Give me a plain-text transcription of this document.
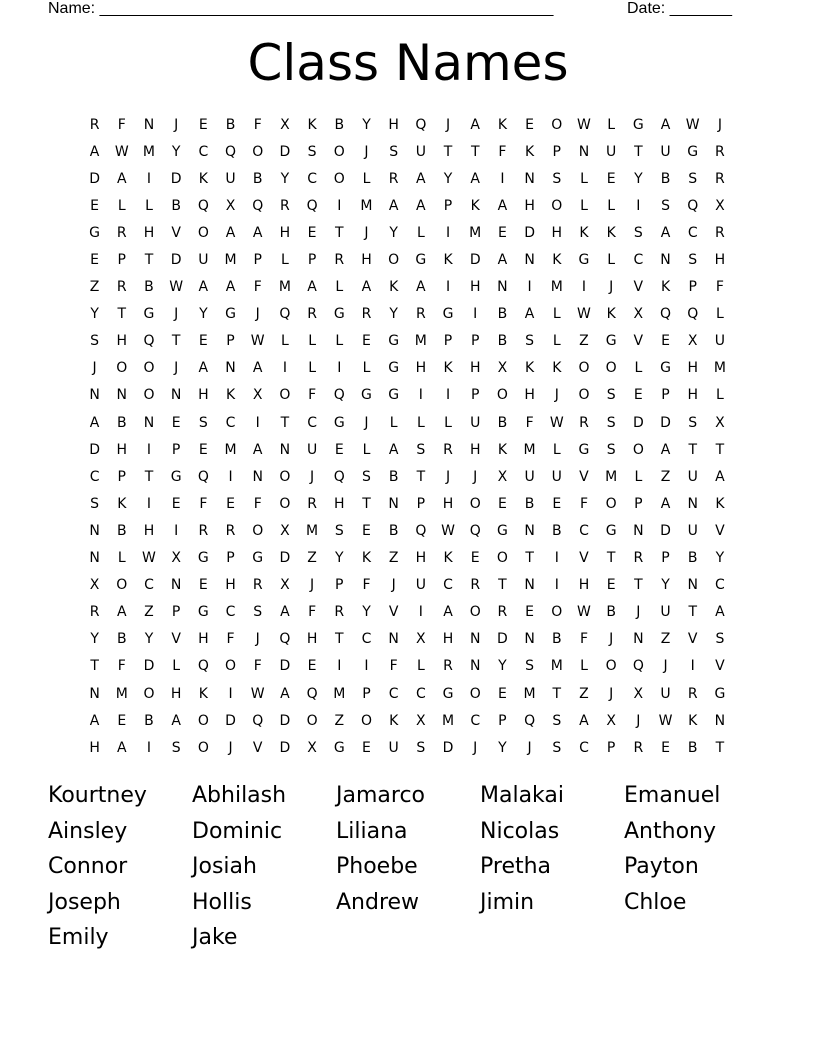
Name: ___________________________________________________	Date: _______
Class Names
R	F	N	J	E	B	F	X	K	B	Y	H	Q	J	A	K	E	O	W	L	G	A	W	J
A	W	M	Y	C	Q	O	D	S	O	J	S	U	T	T	F	K	P	N	U	T	U	G	R
D	A	I	D	K	U	B	Y	C	O	L	R	A	Y	A	I	N	S	L	E	Y	B	S	R
E	L	L	B	Q	X	Q	R	Q	I	M	A	A	P	K	A	H	O	L	L	I	S	Q	X
G	R	H	V	O	A	A	H	E	T	J	Y	L	I	M	E	D	H	K	K	S	A	C	R
E	P	T	D	U	M	P	L	P	R	H	O	G	K	D	A	N	K	G	L	C	N	S	H
Z	R	B	W	A	A	F	M	A	L	A	K	A	I	H	N	I	M	I	J	V	K	P	F
Y	T	G	J	Y	G	J	Q	R	G	R	Y	R	G	I	B	A	L	W	K	X	Q	Q	L
S	H	Q	T	E	P	W	L	L	L	E	G	M	P	P	B	S	L	Z	G	V	E	X	U
J	O	O	J	A	N	A	I	L	I	L	G	H	K	H	X	K	K	O	O	L	G	H	M
N	N	O	N	H	K	X	O	F	Q	G	G	I	I	P	O	H	J	O	S	E	P	H	L
A	B	N	E	S	C	I	T	C	G	J	L	L	L	U	B	F	W	R	S	D	D	S	X
D	H	I	P	E	M	A	N	U	E	L	A	S	R	H	K	M	L	G	S	O	A	T	T
C	P	T	G	Q	I	N	O	J	Q	S	B	T	J	J	X	U	U	V	M	L	Z	U	A
S	K	I	E	F	E	F	O	R	H	T	N	P	H	O	E	B	E	F	O	P	A	N	K
N	B	H	I	R	R	O	X	M	S	E	B	Q	W	Q	G	N	B	C	G	N	D	U	V
N	L	W	X	G	P	G	D	Z	Y	K	Z	H	K	E	O	T	I	V	T	R	P	B	Y
X	O	C	N	E	H	R	X	J	P	F	J	U	C	R	T	N	I	H	E	T	Y	N	C
R	A	Z	P	G	C	S	A	F	R	Y	V	I	A	O	R	E	O	W	B	J	U	T	A
Y	B	Y	V	H	F	J	Q	H	T	C	N	X	H	N	D	N	B	F	J	N	Z	V	S
T	F	D	L	Q	O	F	D	E	I	I	F	L	R	N	Y	S	M	L	O	Q	J	I	V
N	M	O	H	K	I	W	A	Q	M	P	C	C	G	O	E	M	T	Z	J	X	U	R	G
A	E	B	A	O	D	Q	D	O	Z	O	K	X	M	C	P	Q	S	A	X	J	W	K	N
H	A	I	S	O	J	V	D	X	G	E	U	S	D	J	Y	J	S	C	P	R	E	B	T
Kourtney	Abhilash	Jamarco	Malakai	Emanuel
Ainsley	Dominic	Liliana	Nicolas	Anthony
Connor	Josiah	Phoebe	Pretha	Payton
Joseph	Hollis	Andrew	Jimin	Chloe
Emily	Jake
